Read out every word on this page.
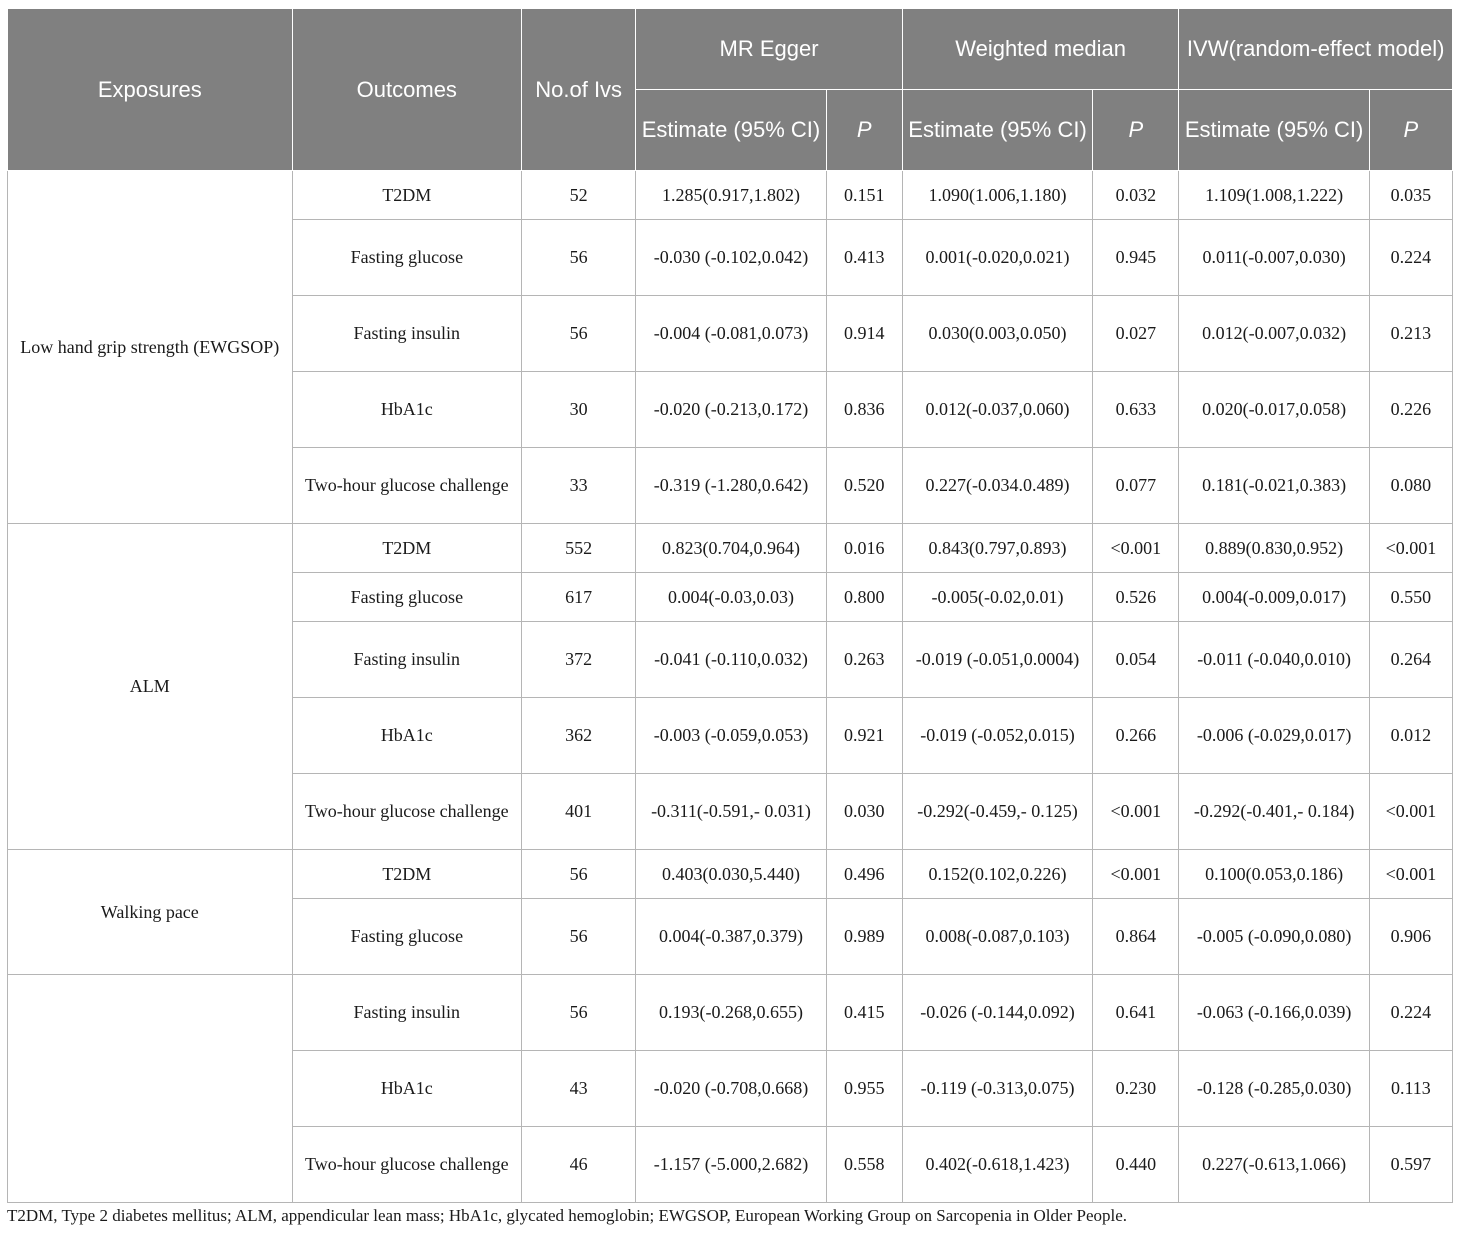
Exposures	Outcomes	No.of Ivs	MR Egger		Weighted median		IVW(random-effect model)	
			Estimate (95% CI)	P	Estimate (95% CI)	P	Estimate (95% CI)	P
Low hand grip strength (EWGSOP)	T2DM	52	1.285(0.917,1.802)	0.151	1.090(1.006,1.180)	0.032	1.109(1.008,1.222)	0.035
	Fasting glucose	56	-0.030 (-0.102,0.042)	0.413	0.001(-0.020,0.021)	0.945	0.011(-0.007,0.030)	0.224
	Fasting insulin	56	-0.004 (-0.081,0.073)	0.914	0.030(0.003,0.050)	0.027	0.012(-0.007,0.032)	0.213
	HbA1c	30	-0.020 (-0.213,0.172)	0.836	0.012(-0.037,0.060)	0.633	0.020(-0.017,0.058)	0.226
	Two-hour glucose challenge	33	-0.319 (-1.280,0.642)	0.520	0.227(-0.034.0.489)	0.077	0.181(-0.021,0.383)	0.080
ALM	T2DM	552	0.823(0.704,0.964)	0.016	0.843(0.797,0.893)	<0.001	0.889(0.830,0.952)	<0.001
	Fasting glucose	617	0.004(-0.03,0.03)	0.800	-0.005(-0.02,0.01)	0.526	0.004(-0.009,0.017)	0.550
	Fasting insulin	372	-0.041 (-0.110,0.032)	0.263	-0.019 (-0.051,0.0004)	0.054	-0.011 (-0.040,0.010)	0.264
	HbA1c	362	-0.003 (-0.059,0.053)	0.921	-0.019 (-0.052,0.015)	0.266	-0.006 (-0.029,0.017)	0.012
	Two-hour glucose challenge	401	-0.311(-0.591,- 0.031)	0.030	-0.292(-0.459,- 0.125)	<0.001	-0.292(-0.401,- 0.184)	<0.001
Walking pace	T2DM	56	0.403(0.030,5.440)	0.496	0.152(0.102,0.226)	<0.001	0.100(0.053,0.186)	<0.001
	Fasting glucose	56	0.004(-0.387,0.379)	0.989	0.008(-0.087,0.103)	0.864	-0.005 (-0.090,0.080)	0.906
	Fasting insulin	56	0.193(-0.268,0.655)	0.415	-0.026 (-0.144,0.092)	0.641	-0.063 (-0.166,0.039)	0.224
	HbA1c	43	-0.020 (-0.708,0.668)	0.955	-0.119 (-0.313,0.075)	0.230	-0.128 (-0.285,0.030)	0.113
	Two-hour glucose challenge	46	-1.157 (-5.000,2.682)	0.558	0.402(-0.618,1.423)	0.440	0.227(-0.613,1.066)	0.597
T2DM, Type 2 diabetes mellitus; ALM, appendicular lean mass; HbA1c, glycated hemoglobin; EWGSOP, European Working Group on Sarcopenia in Older People.
